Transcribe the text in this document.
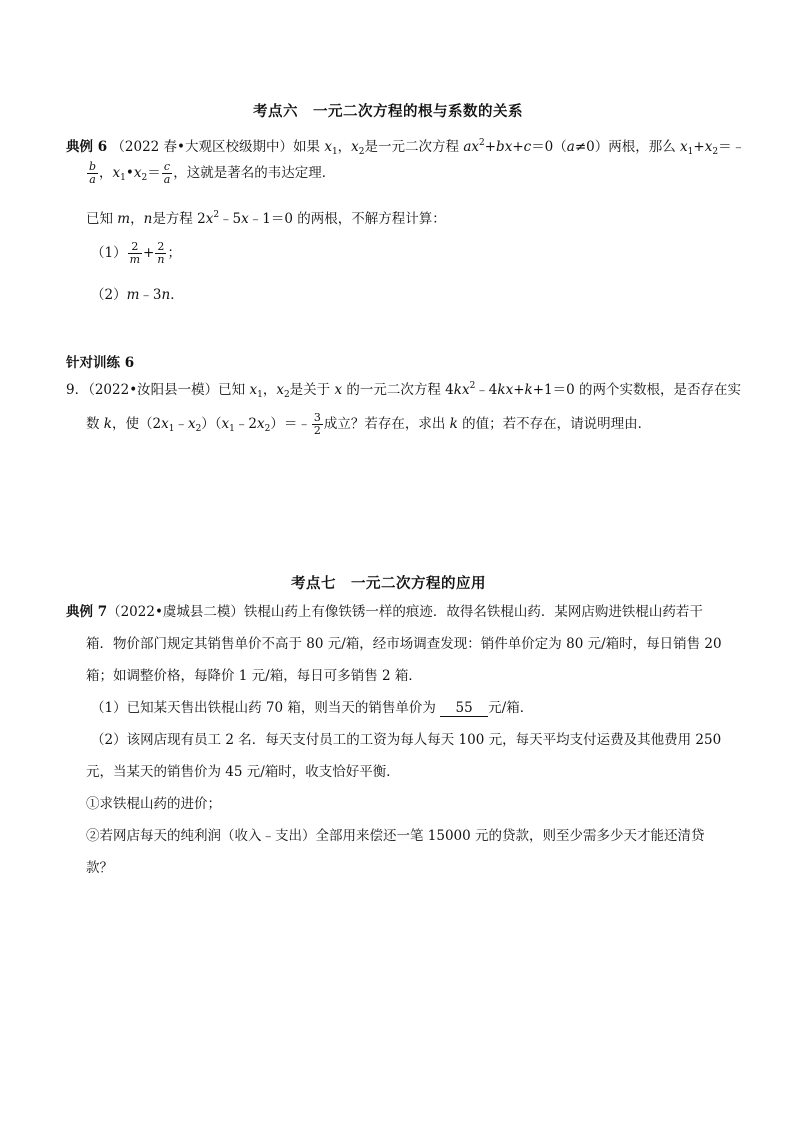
考点六　一元二次方程的根与系数的关系
典例 6 （2022 春•大观区校级期中）如果 $x_1$，$x_2$是一元二次方程 $ax^2+bx+c=0(a\ne 0)$两根，那么 $x_1+x_2=﹣$
$\frac{b}{a}$ ，$x_1•x_2= \frac{c}{a}$ ，这就是著名的韦达定理．
已知 m，n是方程 $2x^2﹣5x﹣1=0$ 的两根，不解方程计算：
$(1) \frac{2}{m} + \frac{2}{n}$ ；
（2）m﹣3n．
针对训练 6
9．（2022•汝阳县一模）已知 $x_1$，$x_2$是关于 x 的一元二次方程 $4kx^2﹣4kx+k+1=0$ 的两个实数根，是否存在实
数 k，使$(2x_1﹣x_2)(x_1﹣2x_2)=﹣ \frac{3}{2}$ 成立？若存在，求出 k 的值；若不存在，请说明理由．
考点七　一元二次方程的应用
典例 7（2022•虞城县二模）铁棍山药上有像铁锈一样的痕迹．故得名铁棍山药．某网店购进铁棍山药若干
箱．物价部门规定其销售单价不高于 80 元/箱，经市场调查发现：销件单价定为 80 元/箱时，每日销售 20
箱；如调整价格，每降价 1 元/箱，每日可多销售 2 箱．
（1）已知某天售出铁棍山药 70 箱，则当天的销售单价为 55 元/箱．
（2）该网店现有员工 2 名．每天支付员工的工资为每人每天 100 元，每天平均支付运费及其他费用 250
元，当某天的销售价为 45 元/箱时，收支恰好平衡．
①求铁棍山药的进价；
②若网店每天的纯利润（收入﹣支出）全部用来偿还一笔 15000 元的贷款，则至少需多少天才能还清贷
款？
